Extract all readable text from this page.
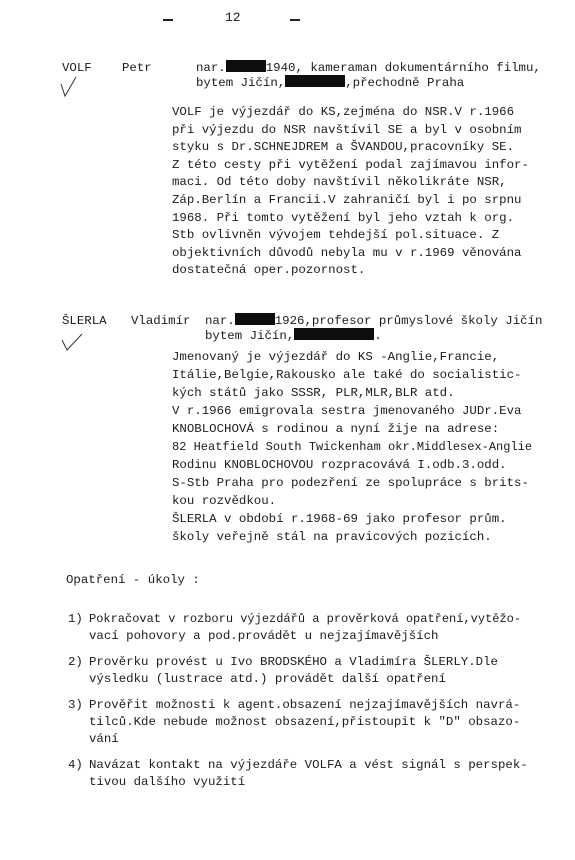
12
VOLF Petr	nar.	1940, kameraman dokumentárního filmu,
bytem Jičín,	,přechodně Praha
VOLF je výjezdář do KS,zejména do NSR.V r.1966
při výjezdu do NSR navštívil SE a byl v osobním
styku s Dr.SCHNEJDREM a ŠVANDOU,pracovníky SE.
Z této cesty při vytěžení podal zajímavou infor-
maci. Od této doby navštívil několikráte NSR,
Záp.Berlín a Francii.V zahraničí byl i po srpnu
1968. Při tomto vytěžení byl jeho vztah k org.
Stb ovlivněn vývojem tehdejší pol.situace. Z
objektivních důvodů nebyla mu v r.1969 věnována
dostatečná oper.pozornost.
ŠLERLA Vladimír nar.	1926,profesor průmyslové školy Jičín
bytem Jičín,	.
Jmenovaný je výjezdář do KS -Anglie,Francie,
Itálie,Belgie,Rakousko ale také do socialistic-
kých států jako SSSR, PLR,MLR,BLR atd.
V r.1966 emigrovala sestra jmenovaného JUDr.Eva
KNOBLOCHOVÁ s rodinou a nyní žije na adrese:
82 Heatfield South Twickenham okr.Middlesex-Anglie
Rodinu KNOBLOCHOVOU rozpracovává I.odb.3.odd.
S-Stb Praha pro podezření ze spolupráce s brits-
kou rozvědkou.
ŠLERLA v období r.1968-69 jako profesor prům.
školy veřejně stál na pravicových pozicích.
Opatření - úkoly :
1) Pokračovat v rozboru výjezdářů a prověrková opatření,vytěžo-
vací pohovory a pod.provádět u nejzajímavějších
2) Prověrku provést u Ivo BRODSKÉHO a Vladimíra ŠLERLY.Dle
výsledku (lustrace atd.) provádět další opatření
3) Prověřit možnosti k agent.obsazení nejzajímavějších navrá-
tilců.Kde nebude možnost obsazení,přistoupit k "D" obsazo-
vání
4) Navázat kontakt na výjezdáře VOLFA a vést signál s perspek-
tivou dalšího využití
